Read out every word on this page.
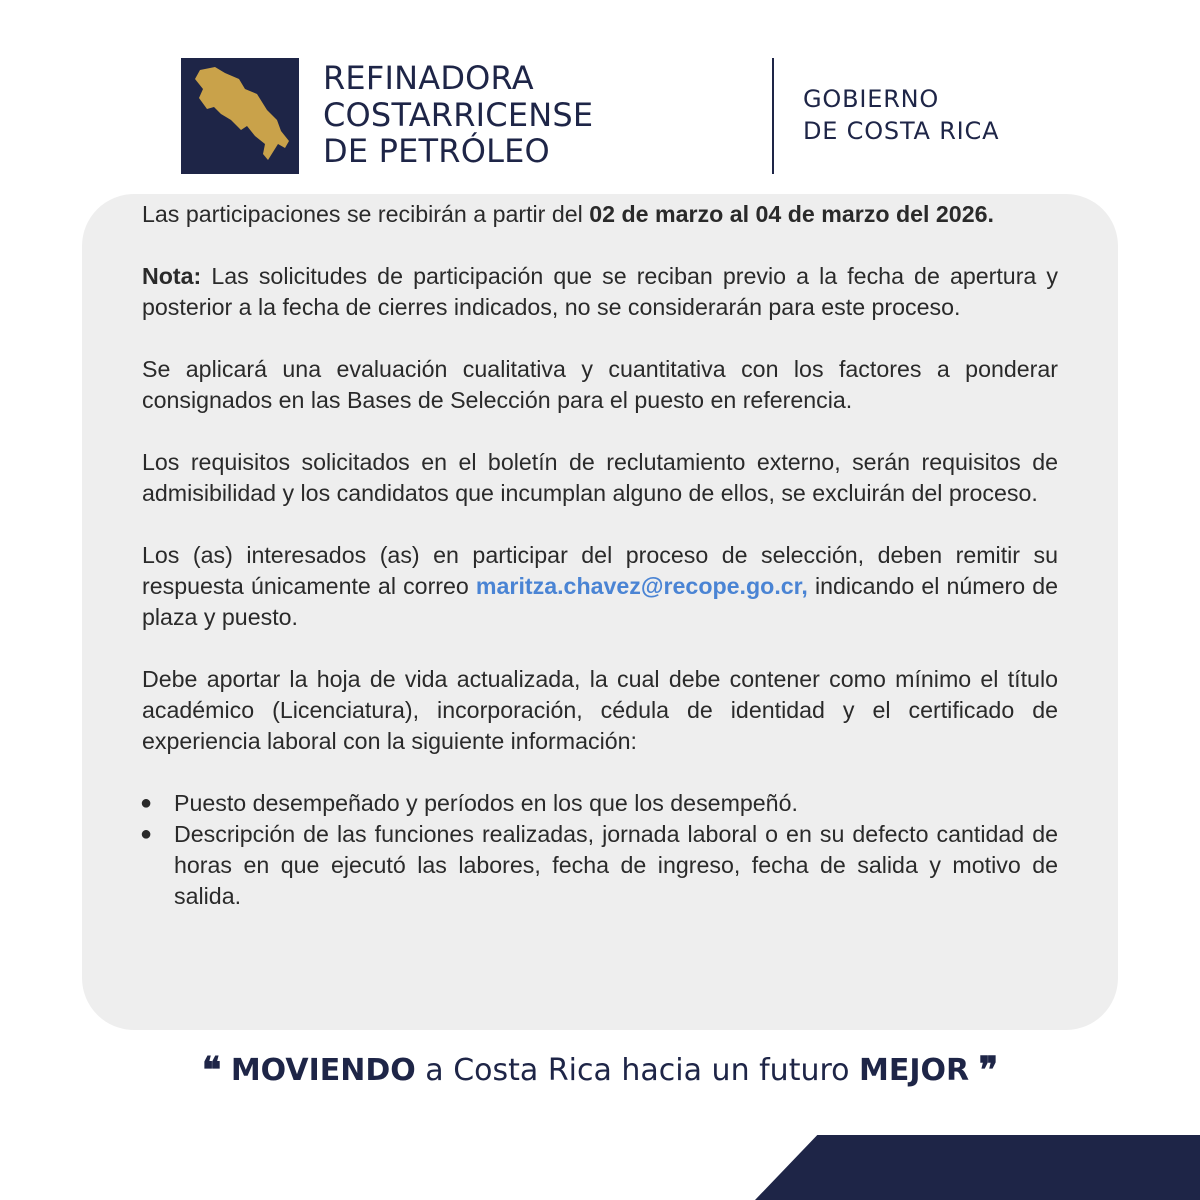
REFINADORA
COSTARRICENSE
DE PETRÓLEO
GOBIERNO
DE COSTA RICA

Las participaciones se recibirán a partir del 02 de marzo al 04 de marzo del 2026.

Nota: Las solicitudes de participación que se reciban previo a la fecha de apertura y posterior a la fecha de cierres indicados, no se considerarán para este proceso.

Se aplicará una evaluación cualitativa y cuantitativa con los factores a ponderar consignados en las Bases de Selección para el puesto en referencia.

Los requisitos solicitados en el boletín de reclutamiento externo, serán requisitos de admisibilidad y los candidatos que incumplan alguno de ellos, se excluirán del proceso.

Los (as) interesados (as) en participar del proceso de selección, deben remitir su respuesta únicamente al correo maritza.chavez@recope.go.cr, indicando el número de plaza y puesto.

Debe aportar la hoja de vida actualizada, la cual debe contener como mínimo el título académico (Licenciatura), incorporación, cédula de identidad y el certificado de experiencia laboral con la siguiente información:

● Puesto desempeñado y períodos en los que los desempeñó.
● Descripción de las funciones realizadas, jornada laboral o en su defecto cantidad de horas en que ejecutó las labores, fecha de ingreso, fecha de salida y motivo de salida.
❝ MOVIENDO a Costa Rica hacia un futuro MEJOR ❞
